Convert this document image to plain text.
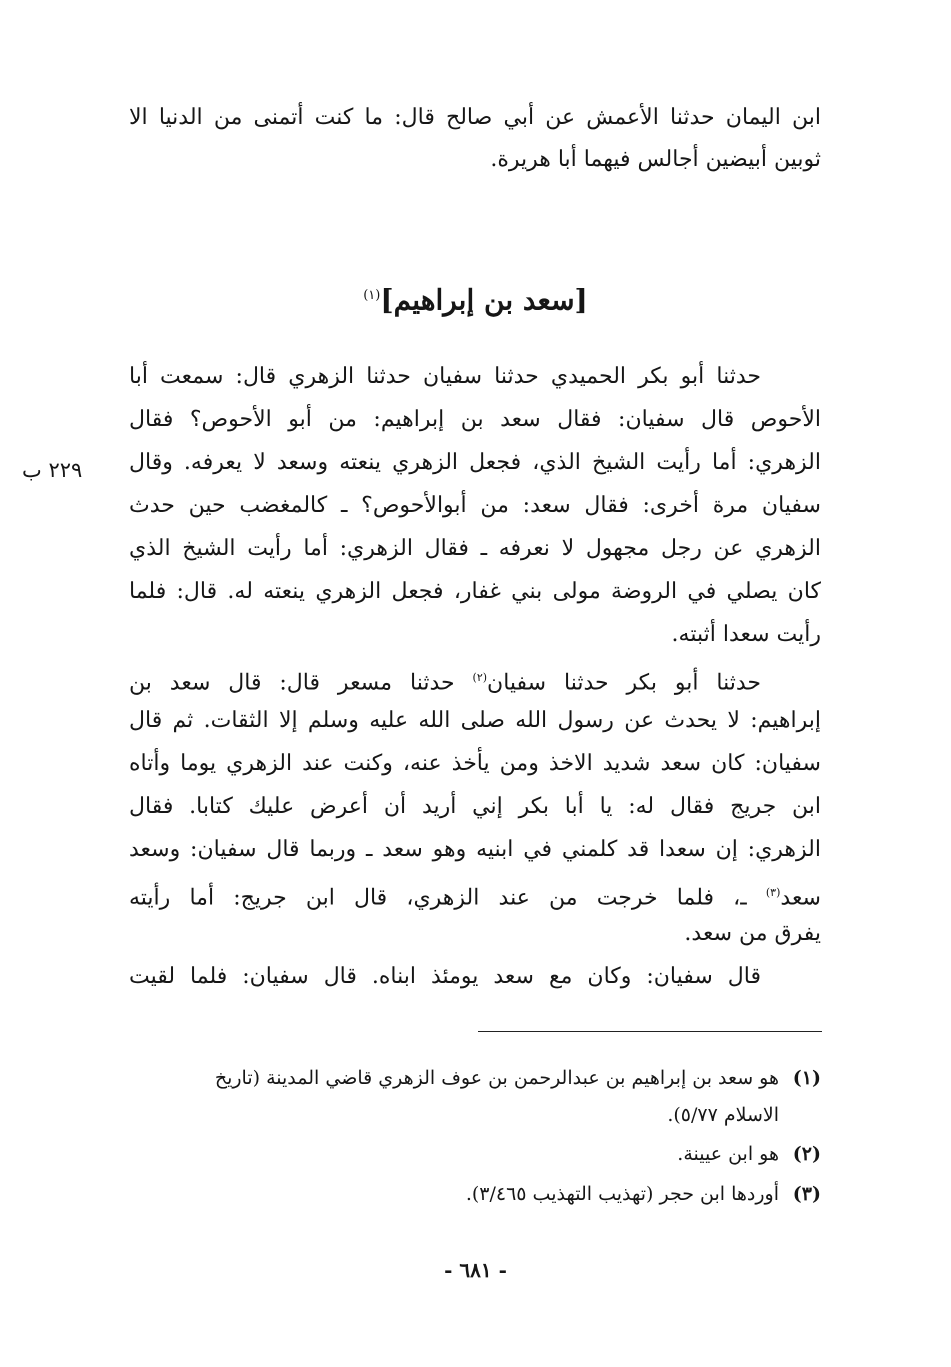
ابن اليمان حدثنا الأعمش عن أبي صالح قال: ما كنت أتمنى من الدنيا الا
ثوبين أبيضين أجالس فيهما أبا هريرة.
[سعد بن إبراهيم]$^{(١)}$
حدثنا أبو بكر الحميدي حدثنا سفيان حدثنا الزهري قال: سمعت أبا
الأحوص قال سفيان: فقال سعد بن إبراهيم: من أبو الأحوص؟ فقال
الزهري: أما رأيت الشيخ الذي، فجعل الزهري ينعته وسعد لا يعرفه. وقال
سفيان مرة أخرى: فقال سعد: من أبوالأحوص؟ ـ كالمغضب حين حدث
الزهري عن رجل مجهول لا نعرفه ـ فقال الزهري: أما رأيت الشيخ الذي
كان يصلي في الروضة مولى بني غفار، فجعل الزهري ينعته له. قال: فلما
رأيت سعدا أثبته.
٢٢٩ ب
حدثنا أبو بكر حدثنا سفيان$^{(٢)}$ حدثنا مسعر قال: قال سعد بن
إبراهيم: لا يحدث عن رسول الله صلى الله عليه وسلم إلا الثقات. ثم قال
سفيان: كان سعد شديد الاخذ ومن يأخذ عنه، وكنت عند الزهري يوما وأتاه
ابن جريج فقال له: يا أبا بكر إني أريد أن أعرض عليك كتابا. فقال
الزهري: إن سعدا قد كلمني في ابنيه وهو سعد ـ وربما قال سفيان: وسعد
سعد$^{(٣)}$ ـ، فلما خرجت من عند الزهري، قال ابن جريج: أما رأيته
يفرق من سعد.
قال سفيان: وكان مع سعد يومئذ ابناه. قال سفيان: فلما لقيت
(١)هو سعد بن إبراهيم بن عبدالرحمن بن عوف الزهري قاضي المدينة (تاريخ
الاسلام ٥/٧٧).
(٢)هو ابن عيينة.
(٣)أوردها ابن حجر (تهذيب التهذيب ٣/٤٦٥).
- ٦٨١ -
